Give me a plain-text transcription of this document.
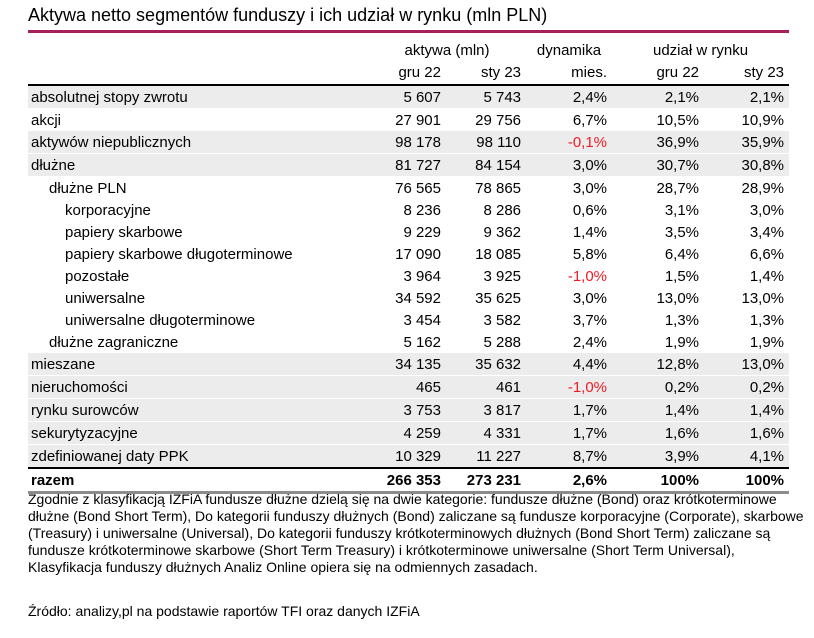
Aktywa netto segmentów funduszy i ich udział w rynku (mln PLN)
	aktywa (mln)		dynamika	udział w rynku	
	gru 22	sty 23	mies.	gru 22	sty 23
absolutnej stopy zwrotu	5 607	5 743	2,4%	2,1%	2,1%
akcji	27 901	29 756	6,7%	10,5%	10,9%
aktywów niepublicznych	98 178	98 110	-0,1%	36,9%	35,9%
dłużne	81 727	84 154	3,0%	30,7%	30,8%
dłużne PLN	76 565	78 865	3,0%	28,7%	28,9%
korporacyjne	8 236	8 286	0,6%	3,1%	3,0%
papiery skarbowe	9 229	9 362	1,4%	3,5%	3,4%
papiery skarbowe długoterminowe	17 090	18 085	5,8%	6,4%	6,6%
pozostałe	3 964	3 925	-1,0%	1,5%	1,4%
uniwersalne	34 592	35 625	3,0%	13,0%	13,0%
uniwersalne długoterminowe	3 454	3 582	3,7%	1,3%	1,3%
dłużne zagraniczne	5 162	5 288	2,4%	1,9%	1,9%
mieszane	34 135	35 632	4,4%	12,8%	13,0%
nieruchomości	465	461	-1,0%	0,2%	0,2%
rynku surowców	3 753	3 817	1,7%	1,4%	1,4%
sekurytyzacyjne	4 259	4 331	1,7%	1,6%	1,6%
zdefiniowanej daty PPK	10 329	11 227	8,7%	3,9%	4,1%
razem	266 353	273 231	2,6%	100%	100%

Zgodnie z klasyfikacją IZFiA fundusze dłużne dzielą się na dwie kategorie: fundusze dłużne (Bond) oraz krótkoterminowe dłużne (Bond Short Term), Do kategorii funduszy dłużnych (Bond) zaliczane są fundusze korporacyjne (Corporate), skarbowe (Treasury) i uniwersalne (Universal), Do kategorii funduszy krótkoterminowych dłużnych (Bond Short Term) zaliczane są fundusze krótkoterminowe skarbowe (Short Term Treasury) i krótkoterminowe uniwersalne (Short Term Universal), Klasyfikacja funduszy dłużnych Analiz Online opiera się na odmiennych zasadach.

Źródło: analizy,pl na podstawie raportów TFI oraz danych IZFiA
